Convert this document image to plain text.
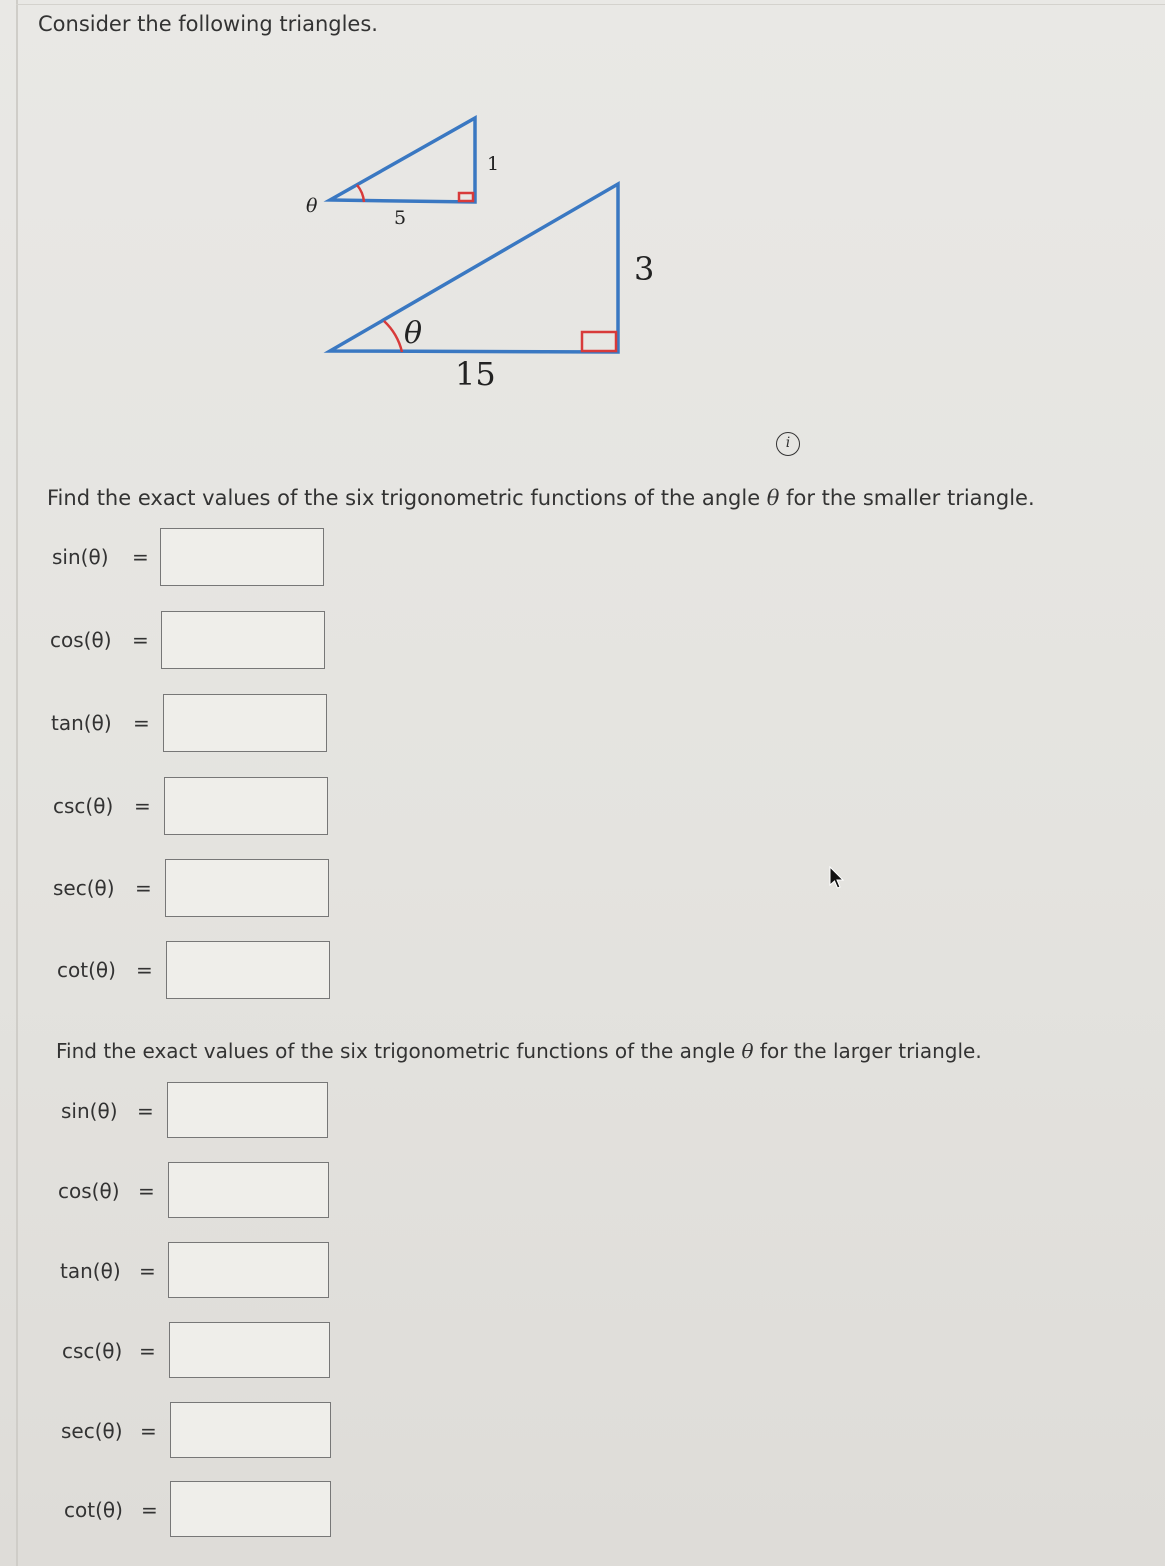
Consider the following triangles.
θ
5
1
θ
15
3
i
Find the exact values of the six trigonometric functions of the angle θ for the smaller triangle.
sin(θ) =
cos(θ) =
tan(θ) =
csc(θ) =
sec(θ) =
cot(θ) =
Find the exact values of the six trigonometric functions of the angle θ for the larger triangle.
sin(θ) =
cos(θ) =
tan(θ) =
csc(θ) =
sec(θ) =
cot(θ) =
